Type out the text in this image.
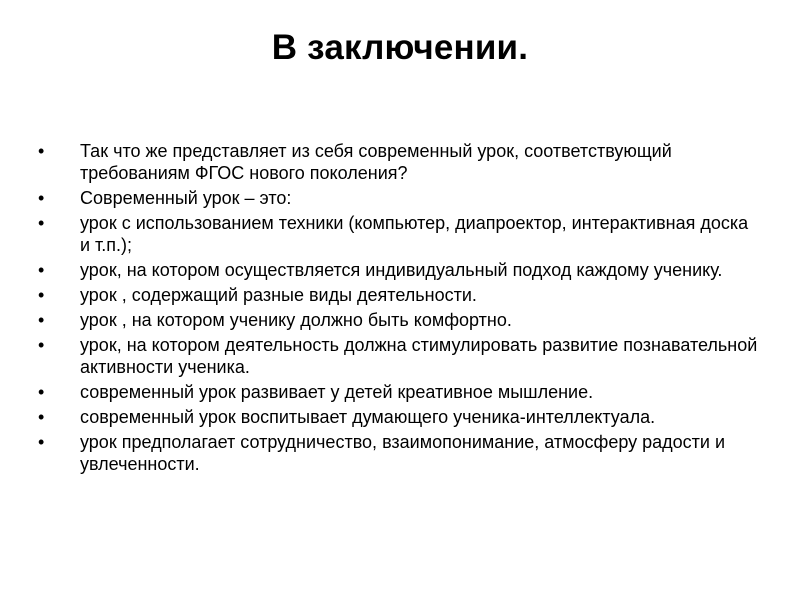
В заключении.
• Так что же представляет из себя современный урок, соответствующий требованиям ФГОС нового поколения?
• Современный урок – это:
• урок с использованием техники (компьютер, диапроектор, интерактивная доска и т.п.);
• урок, на котором осуществляется индивидуальный подход каждому ученику.
• урок , содержащий разные виды деятельности.
• урок , на котором ученику должно быть комфортно.
• урок, на котором деятельность должна стимулировать развитие познавательной активности ученика.
• современный урок развивает у детей креативное мышление.
• современный урок воспитывает думающего ученика-интеллектуала.
• урок предполагает сотрудничество, взаимопонимание, атмосферу радости и увлеченности.
